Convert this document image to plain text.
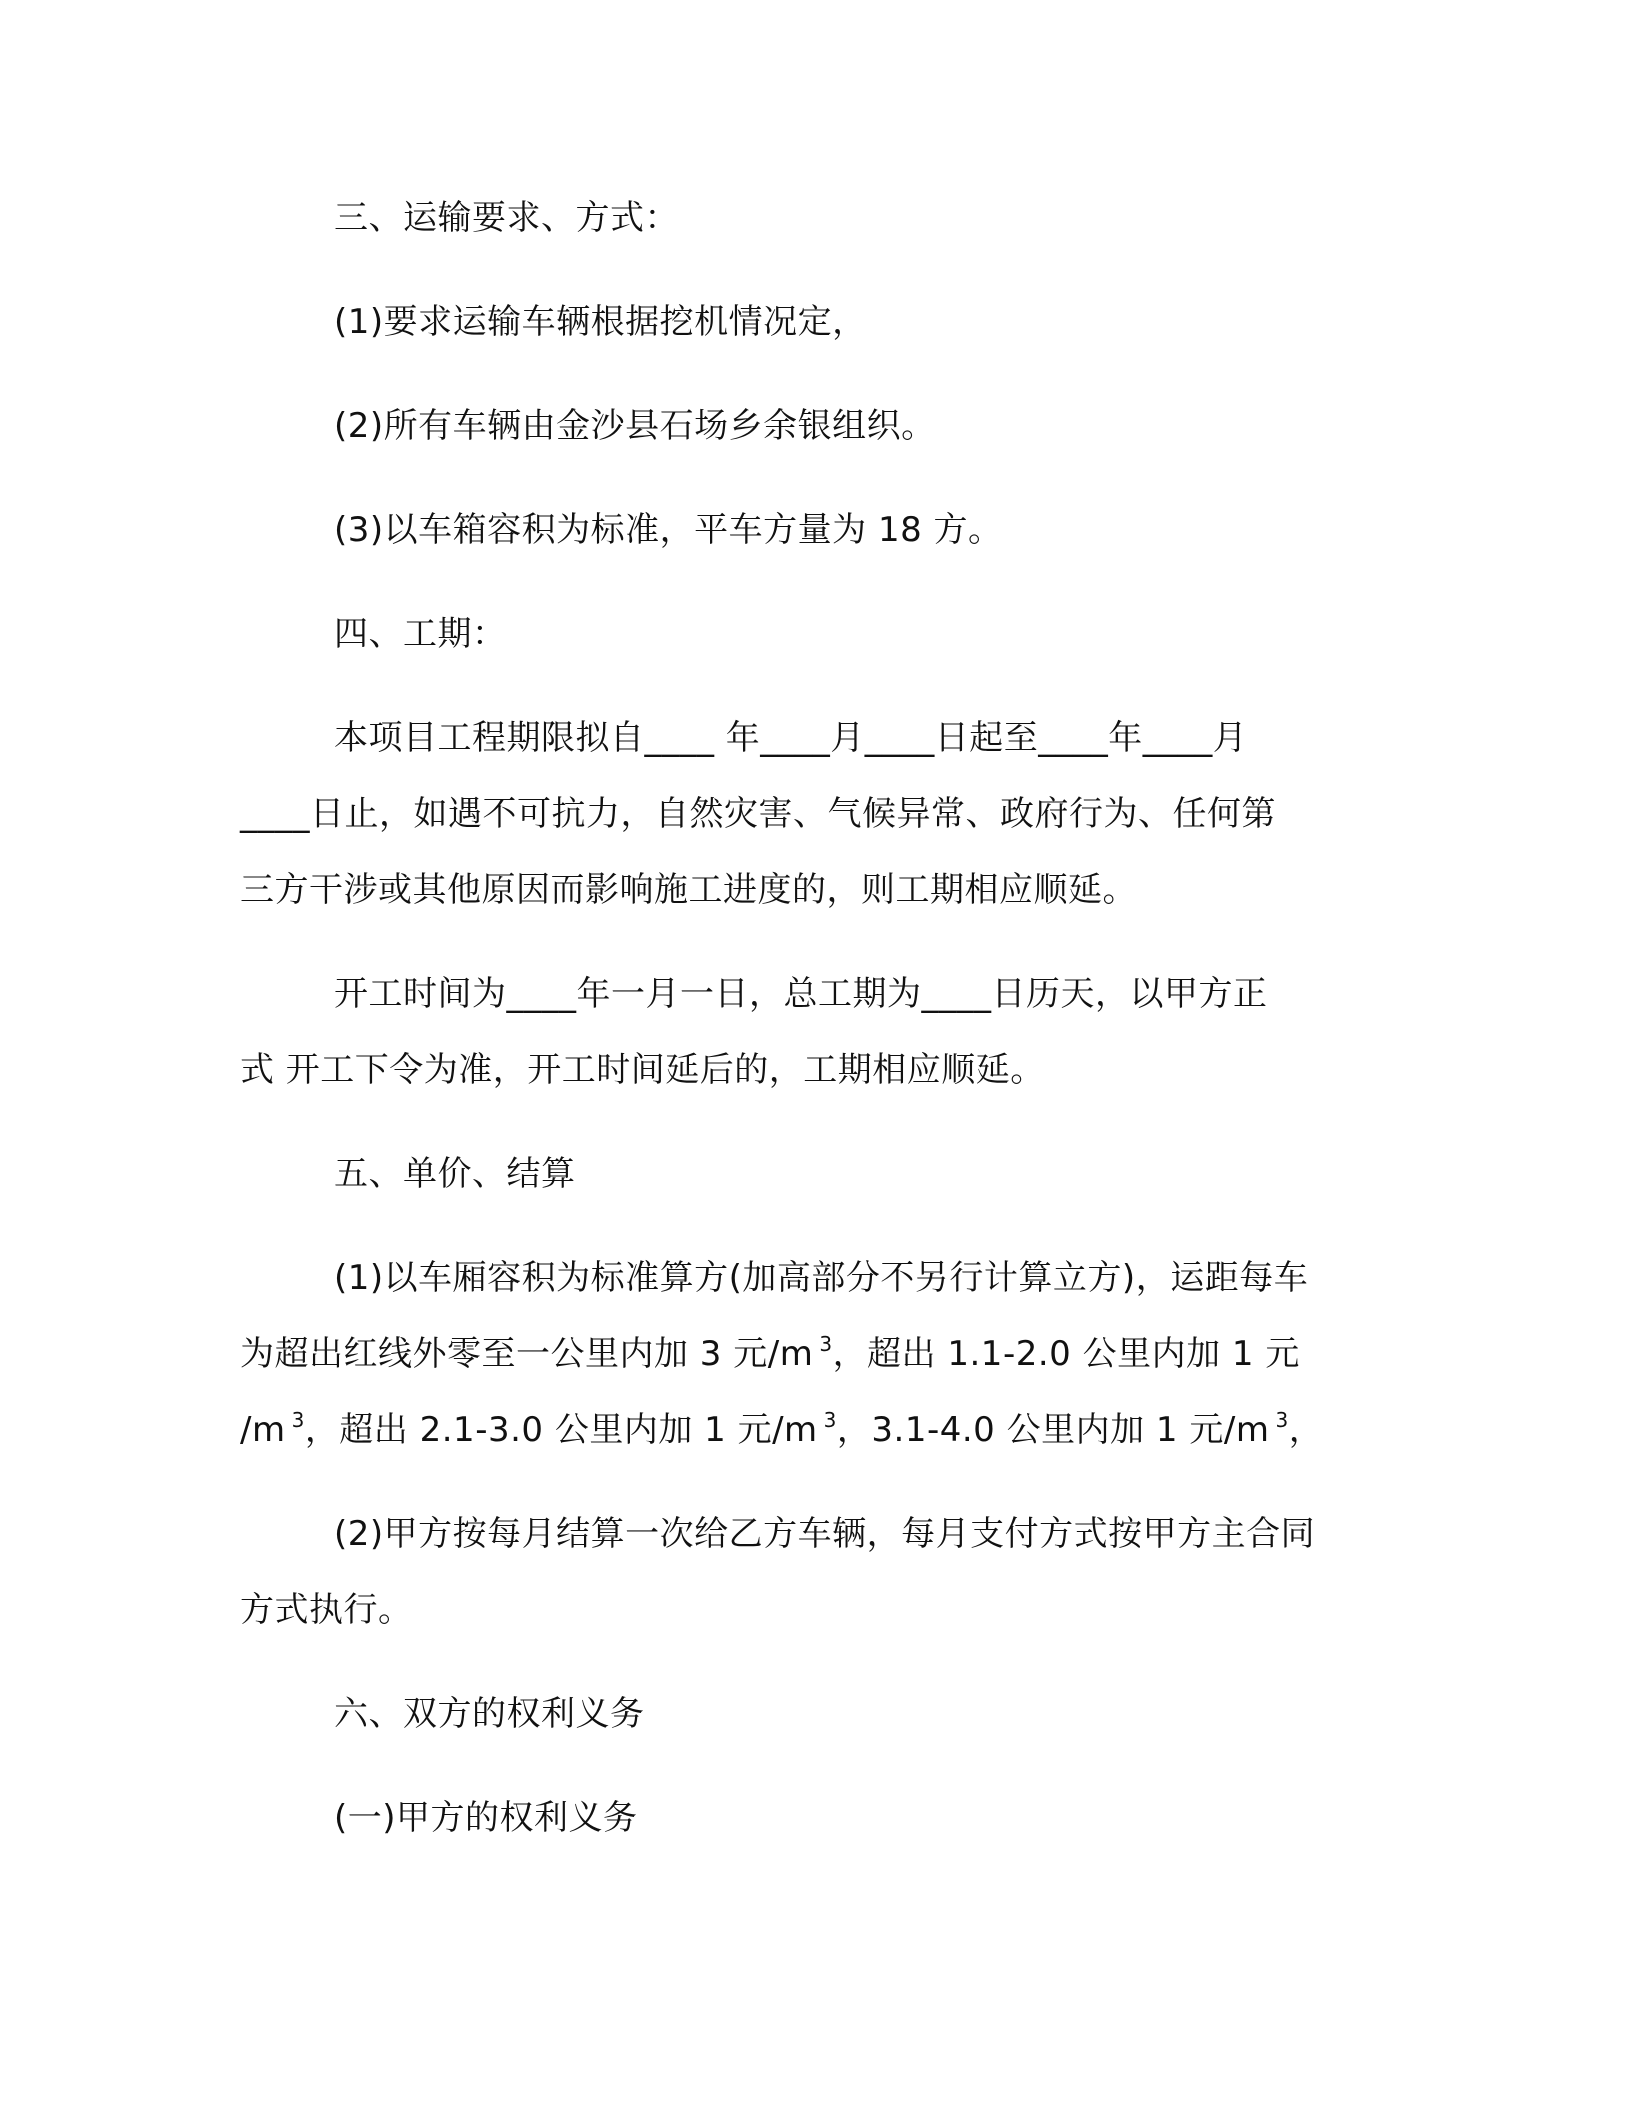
三、运输要求、方式：
(1)要求运输车辆根据挖机情况定，
(2)所有车辆由金沙县石场乡余银组织。
(3)以车箱容积为标准，平车方量为 18 方。
四、工期：
本项目工程期限拟自____ 年____月____日起至____年____月
____日止，如遇不可抗力，自然灾害、气候异常、政府行为、任何第
三方干涉或其他原因而影响施工进度的，则工期相应顺延。
开工时间为____年一月一日，总工期为____日历天，以甲方正
式 开工下令为准，开工时间延后的，工期相应顺延。
五、单价、结算
(1)以车厢容积为标准算方(加高部分不另行计算立方)，运距每车
为超出红线外零至一公里内加 3 元/m $^3$，超出 1.1-2.0 公里内加 1 元
/m $^3$，超出 2.1-3.0 公里内加 1 元/m $^3$，3.1-4.0 公里内加 1 元/m $^3$，
(2)甲方按每月结算一次给乙方车辆，每月支付方式按甲方主合同
方式执行。
六、双方的权利义务
(一)甲方的权利义务
